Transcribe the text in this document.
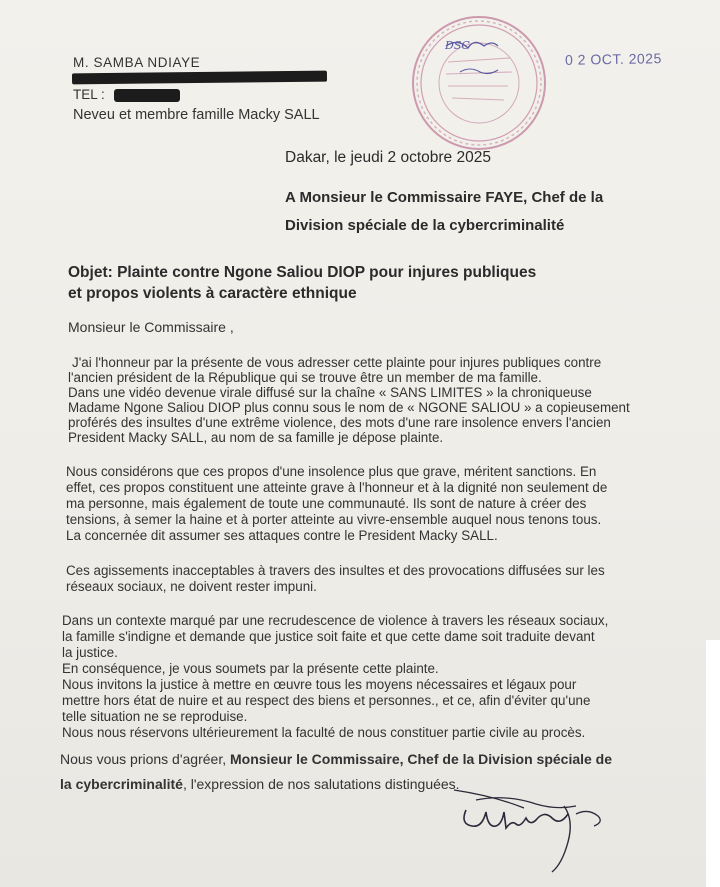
M. SAMBA NDIAYE
TEL :
Neveu et membre famille Macky SALL
DSC
0 2 OCT. 2025
Dakar, le jeudi 2 octobre 2025
A Monsieur le Commissaire FAYE, Chef de la
Division spéciale de la cybercriminalité
Objet: Plainte contre Ngone Saliou DIOP pour injures publiques
et propos violents à caractère ethnique
Monsieur le Commissaire ,
J'ai l'honneur par la présente de vous adresser cette plainte pour injures publiques contre
l'ancien président de la République qui se trouve être un member de ma famille.
Dans une vidéo devenue virale diffusé sur la chaîne « SANS LIMITES » la chroniqueuse
Madame Ngone Saliou DIOP plus connu sous le nom de « NGONE SALIOU » a copieusement
proférés des insultes d'une extrême violence, des mots d'une rare insolence envers l'ancien
President Macky SALL, au nom de sa famille je dépose plainte.
Nous considérons que ces propos d'une insolence plus que grave, méritent sanctions. En
effet, ces propos constituent une atteinte grave à l'honneur et à la dignité non seulement de
ma personne, mais également de toute une communauté. Ils sont de nature à créer des
tensions, à semer la haine et à porter atteinte au vivre-ensemble auquel nous tenons tous.
La concernée dit assumer ses attaques contre le President Macky SALL.
Ces agissements inacceptables à travers des insultes et des provocations diffusées sur les
réseaux sociaux, ne doivent rester impuni.
Dans un contexte marqué par une recrudescence de violence à travers les réseaux sociaux,
la famille s'indigne et demande que justice soit faite et que cette dame soit traduite devant
la justice.
En conséquence, je vous soumets par la présente cette plainte.
Nous invitons la justice à mettre en œuvre tous les moyens nécessaires et légaux pour
mettre hors état de nuire et au respect des biens et personnes., et ce, afin d'éviter qu'une
telle situation ne se reproduise.
Nous nous réservons ultérieurement la faculté de nous constituer partie civile au procès.
Nous vous prions d'agréer, Monsieur le Commissaire, Chef de la Division spéciale de
la cybercriminalité, l'expression de nos salutations distinguées.
